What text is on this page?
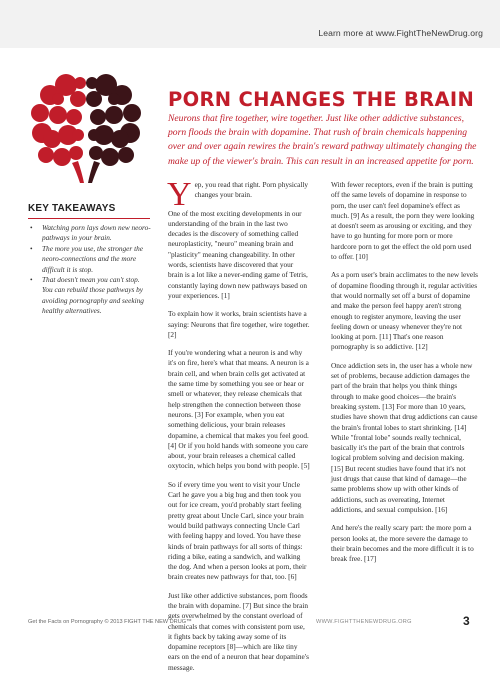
Learn more at www.FightTheNewDrug.org
PORN CHANGES THE BRAIN

Neurons that fire together, wire together. Just like other addictive substances, porn floods the brain with dopamine. That rush of brain chemicals happening over and over again rewires the brain's reward pathway ultimately changing the make up of the viewer's brain. This can result in an increased appetite for porn.

KEY TAKEAWAYS
• Watching porn lays down new neoro-pathways in your brain.
• The more you use, the stronger the neoro-connections and the more difficult it is stop.
• That doesn't mean you can't stop. You can rebuild those pathways by avoiding pornography and seeking healthy alternatives.

Yep, you read that right. Porn physically changes your brain.

One of the most exciting developments in our understanding of the brain in the last two decades is the discovery of something called neuroplasticity, "neuro" meaning brain and "plasticity" meaning changeability. In other words, scientists have discovered that your brain is a lot like a never-ending game of Tetris, constantly laying down new pathways based on your experiences. [1]

To explain how it works, brain scientists have a saying: Neurons that fire together, wire together. [2]

If you're wondering what a neuron is and why it's on fire, here's what that means. A neuron is a brain cell, and when brain cells get activated at the same time by something you see or hear or smell or whatever, they release chemicals that help strengthen the connection between those neurons. [3] For example, when you eat something delicious, your brain releases dopamine, a chemical that makes you feel good. [4] Or if you hold hands with someone you care about, your brain releases a chemical called oxytocin, which helps you bond with people. [5]

So if every time you went to visit your Uncle Carl he gave you a big hug and then took you out for ice cream, you'd probably start feeling pretty great about Uncle Carl, since your brain would build pathways connecting Uncle Carl with feeling happy and loved. You have these kinds of brain pathways for all sorts of things: riding a bike, eating a sandwich, and walking the dog. And when a person looks at porn, their brain creates new pathways for that, too. [6]

Just like other addictive substances, porn floods the brain with dopamine. [7] But since the brain gets overwhelmed by the constant overload of chemicals that comes with consistent porn use, it fights back by taking away some of its dopamine receptors [8]—which are like tiny ears on the end of a neuron that hear dopamine's message.

With fewer receptors, even if the brain is putting off the same levels of dopamine in response to porn, the user can't feel dopamine's effect as much. [9] As a result, the porn they were looking at doesn't seem as arousing or exciting, and they have to go hunting for more porn or more hardcore porn to get the effect the old porn used to offer. [10]

As a porn user's brain acclimates to the new levels of dopamine flooding through it, regular activities that would normally set off a burst of dopamine and make the person feel happy aren't strong enough to register anymore, leaving the user feeling down or uneasy whenever they're not looking at porn. [11] That's one reason pornography is so addictive. [12]

Once addiction sets in, the user has a whole new set of problems, because addiction damages the part of the brain that helps you think things through to make good choices—the brain's breaking system. [13] For more than 10 years, studies have shown that drug addictions can cause the brain's frontal lobes to start shrinking. [14] While "frontal lobe" sounds really technical, basically it's the part of the brain that controls logical problem solving and decision making. [15] But recent studies have found that it's not just drugs that cause that kind of damage—the same problems show up with other kinds of addictions, such as overeating, Internet addictions, and sexual compulsion. [16]

And here's the really scary part: the more porn a person looks at, the more severe the damage to their brain becomes and the more difficult it is to break free. [17]

Get the Facts on Pornography © 2013 FIGHT THE NEW DRUG™	WWW.FIGHTTHENEWDRUG.ORG	3
